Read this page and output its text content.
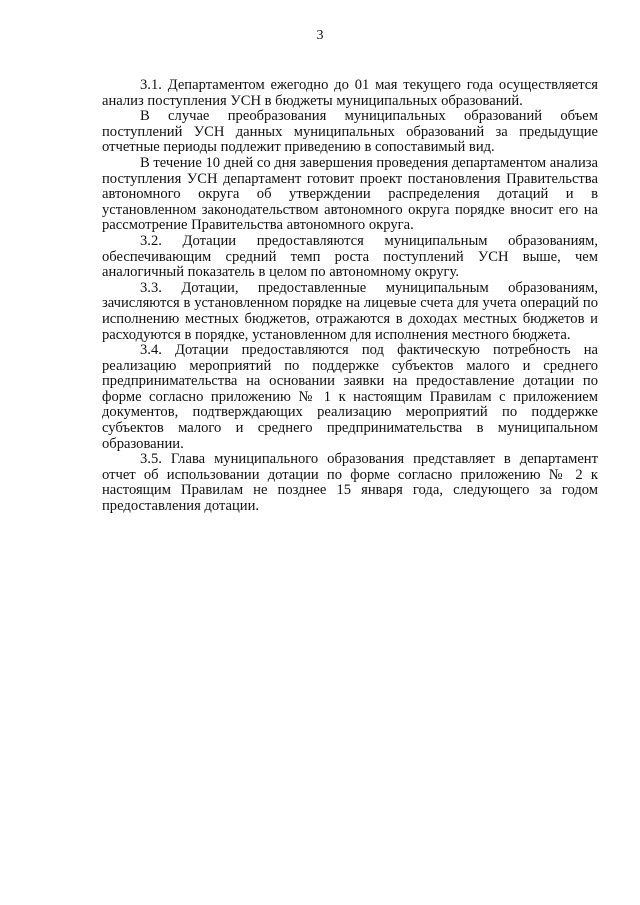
3

3.1. Департаментом ежегодно до 01 мая текущего года осуществляется анализ поступления УСН в бюджеты муниципальных образований.

В случае преобразования муниципальных образований объем поступлений УСН данных муниципальных образований за предыдущие отчетные периоды подлежит приведению в сопоставимый вид.

В течение 10 дней со дня завершения проведения департаментом анализа поступления УСН департамент готовит проект постановления Правительства автономного округа об утверждении распределения дотаций и в установленном законодательством автономного округа порядке вносит его на рассмотрение Правительства автономного округа.

3.2. Дотации предоставляются муниципальным образованиям, обеспечивающим средний темп роста поступлений УСН выше, чем аналогичный показатель в целом по автономному округу.

3.3. Дотации, предоставленные муниципальным образованиям, зачисляются в установленном порядке на лицевые счета для учета операций по исполнению местных бюджетов, отражаются в доходах местных бюджетов и расходуются в порядке, установленном для исполнения местного бюджета.

3.4. Дотации предоставляются под фактическую потребность на реализацию мероприятий по поддержке субъектов малого и среднего предпринимательства на основании заявки на предоставление дотации по форме согласно приложению № 1 к настоящим Правилам с приложением документов, подтверждающих реализацию мероприятий по поддержке субъектов малого и среднего предпринимательства в муниципальном образовании.

3.5. Глава муниципального образования представляет в департамент отчет об использовании дотации по форме согласно приложению № 2 к настоящим Правилам не позднее 15 января года, следующего за годом предоставления дотации.
